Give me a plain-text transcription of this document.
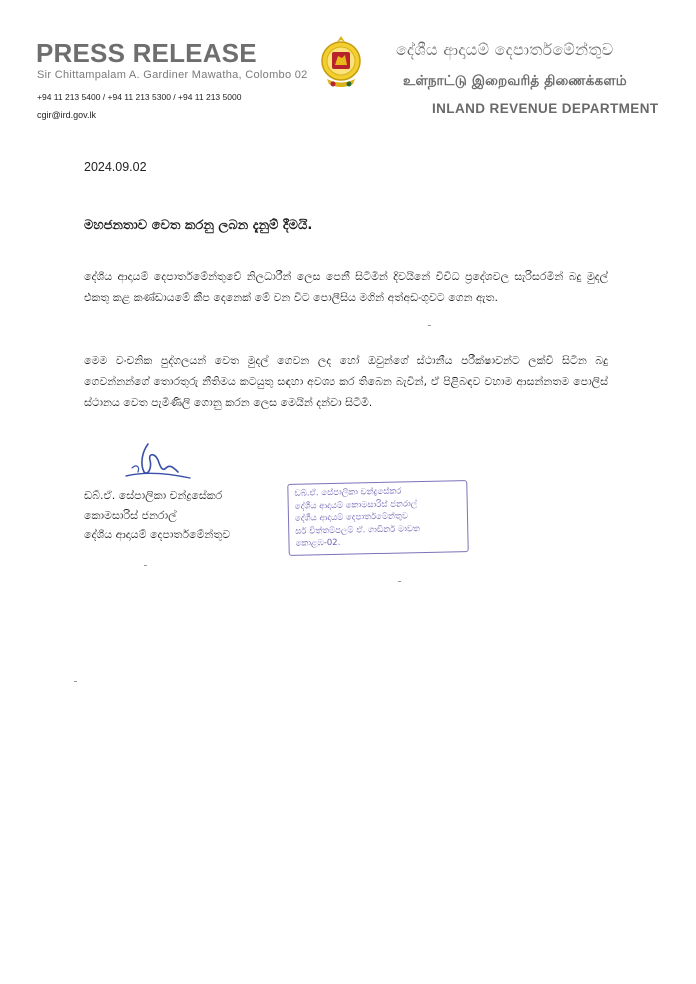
PRESS RELEASE
Sir Chittampalam A. Gardiner Mawatha, Colombo 02
+94 11 213 5400 / +94 11 213 5300 / +94 11 213 5000
cgir@ird.gov.lk
දේශීය ආදායම් දෙපාර්තමේන්තුව
உள்நாட்டு இறைவரித் திணைக்களம்
INLAND REVENUE DEPARTMENT
2024.09.02
මහජනතාව වෙත කරනු ලබන දැනුම් දීමයි.
දේශීය ආදායම් දෙපාර්තමේන්තුවේ නිලධාරීන් ලෙස පෙනී සිටිමින් දිවයිනේ විවිධ ප්‍රදේශවල සැරිසරමින් බදු මුදල් එකතු කළ කණ්ඩායමේ කීප දෙනෙක් මේ වන විට පොලීසිය මගින් අත්අඩංගුවට ගෙන ඇත.
මෙම වංචනික පුද්ගලයන් වෙත මුදල් ගෙවන ලද හෝ ඔවුන්ගේ ස්ථානීය පරීක්ෂාවන්ට ලක්වී සිටින බදු ගෙවන්නන්ගේ තොරතුරු නීතිමය කටයුතු සඳහා අවශ්‍ය කර තිබෙන බැවින්, ඒ පිළිබඳව වහාම ආසන්නතම පොලිස් ස්ථානය වෙත පැමිණිලි ගොනු කරන ලෙස මෙයින් දන්වා සිටිමි.
ඩබ්.ඒ. සේපාලිකා චන්ද්‍රසේකර
කොමසාරිස් ජනරාල්
දේශීය ආදායම් දෙපාර්තමේන්තුව
ඩබ්.ඒ. සේපාලිකා චන්ද්‍රසේකර
දේශීය ආදායම් කොමසාරිස් ජනරාල්
දේශීය ආදායම් දෙපාර්තමේන්තුව
සර් චිත්තම්පලම් ඒ. ගාඩිනර් මාවත
කොළඹ-02.
